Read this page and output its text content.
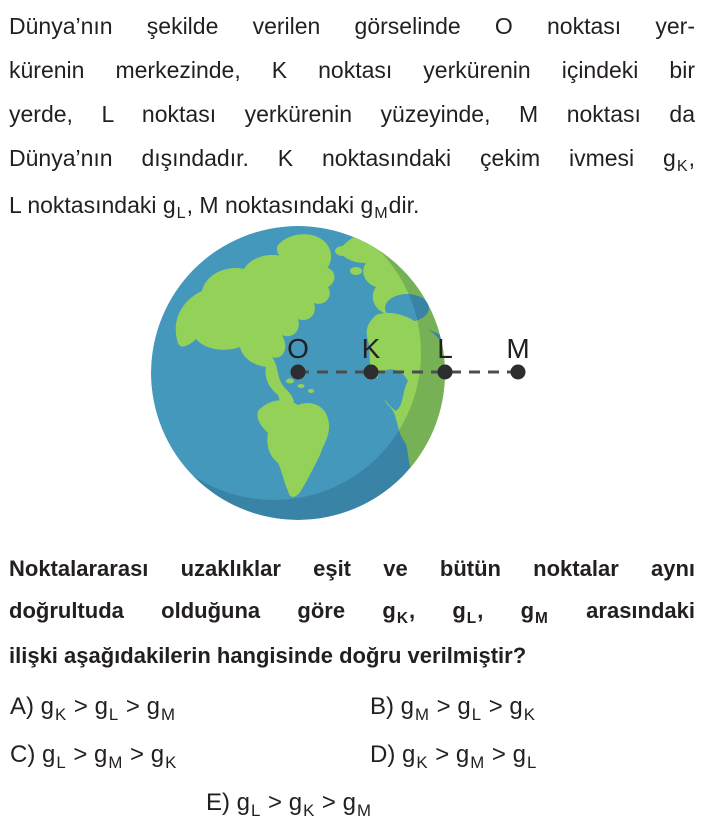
Dünya’nın şekilde verilen görselinde O noktası yer-
kürenin merkezinde, K noktası yerkürenin içindeki bir
yerde, L noktası yerkürenin yüzeyinde, M noktası da
Dünya’nın dışındadır. K noktasındaki çekim ivmesi $g_K$,
L noktasındaki $g_L$, M noktasındaki $g_Mdir$.
O K L M
Noktalararası uzaklıklar eşit ve bütün noktalar aynı
doğrultuda olduğuna göre $g_K$, $g_L$, $g_M$ arasındaki
ilişki aşağıdakilerin hangisinde doğru verilmiştir?
A) $g_K > g_L > g_M$	B) $g_M > g_L > g_K$
C) $g_L > g_M > g_K$	D) $g_K > g_M > g_L$
E) $g_L > g_K > g_M$
